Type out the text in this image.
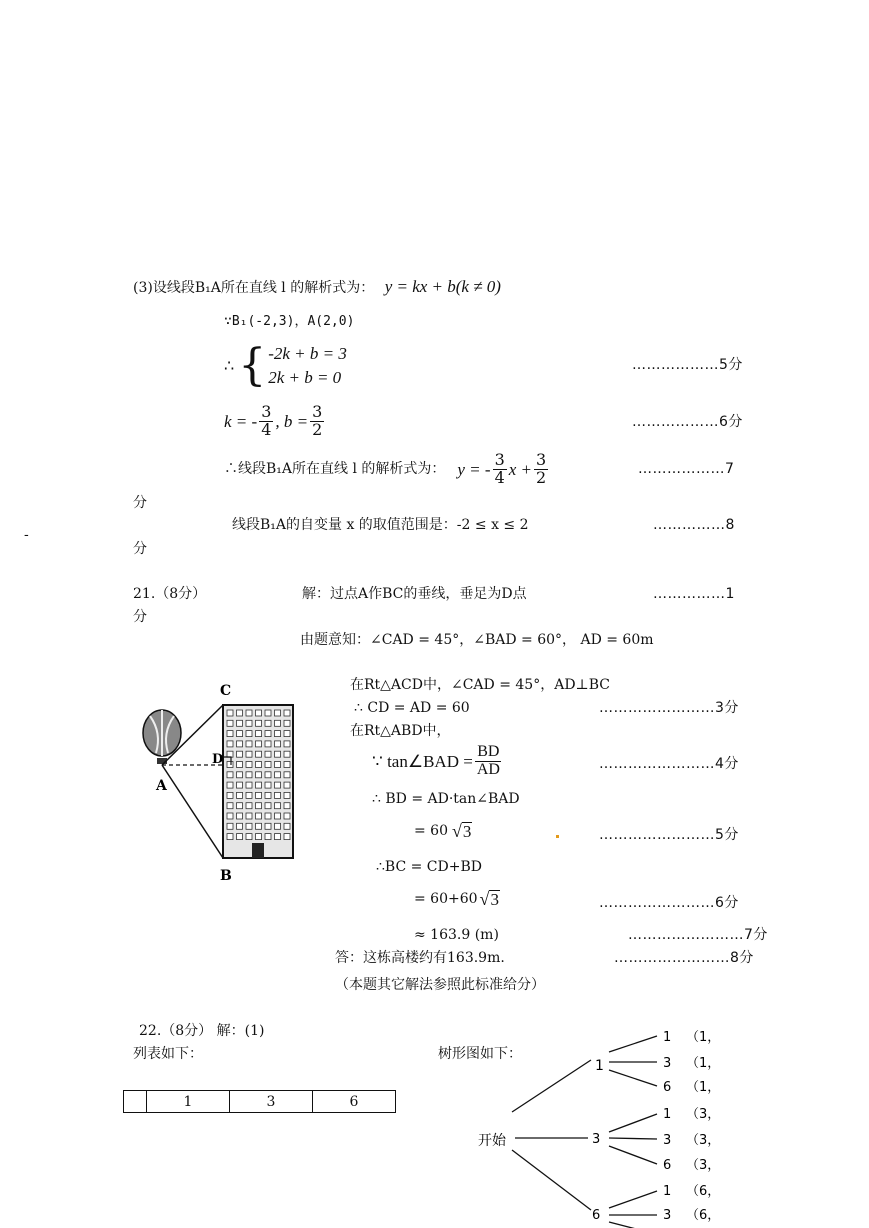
(3)设线段B₁A所在直线 l 的解析式为： y = kx + b(k ≠ 0)
∵B₁(-2,3)，A(2,0)
∴ { -2k + b = 3
2k + b = 0
………………5分
k = - $\frac{3}{4}$ , $b = \frac{3}{2}$	………………6分
∴线段B₁A所在直线 l 的解析式为： y = - $\frac{3}{4}$ $x + \frac{3}{2}$	………………7
分
线段B₁A的自变量 x 的取值范围是：-2 ≤ x ≤ 2	……………8
-
分
21.（8分）	解：过点A作BC的垂线，垂足为D点	……………1
分
由题意知：∠CAD = 45°，∠BAD = 60°， AD = 60m
C
D
A
B
在Rt△ACD中，∠CAD = 45°，AD⊥BC
∴ CD = AD = 60	……………………3分
在Rt△ABD中，
∵ tan∠BAD = $\frac{BD}{AD}$	……………………4分
∴ BD = AD·tan∠BAD
= 60 √ 3	……………………5分
∴BC = CD+BD
= 60+60 √ 3	……………………6分
≈ 163.9 (m)	……………………7分
答：这栋高楼约有163.9m.	……………………8分
（本题其它解法参照此标准给分）
22.（8分） 解：(1)
列表如下：	树形图如下：
	1	3	6
开始
1
3
6
1
3
6
1
3
6
1
3
（1，
（1，
（1，
（3，
（3，
（3，
（6，
（6，
